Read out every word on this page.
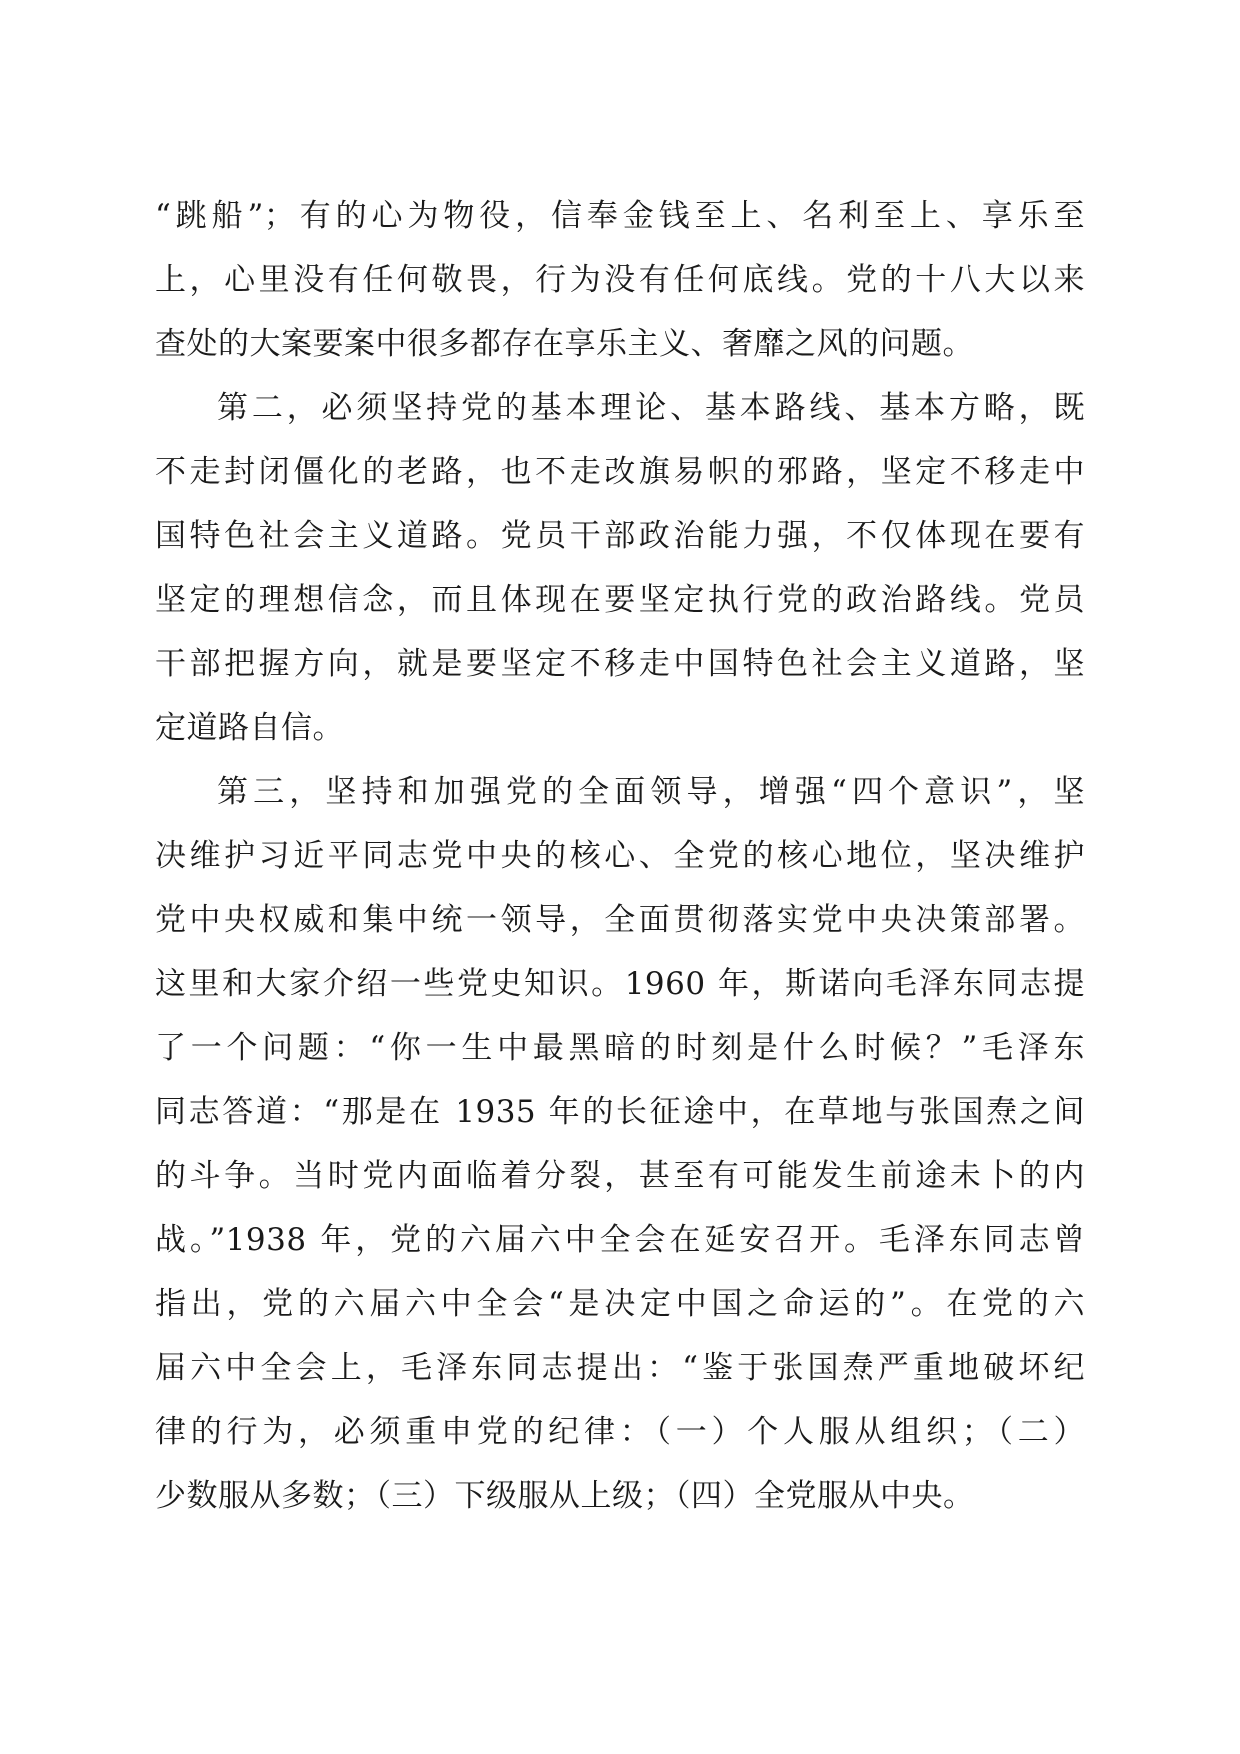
“跳船”；有的心为物役，信奉金钱至上、名利至上、享乐至
上，心里没有任何敬畏，行为没有任何底线。党的十八大以来
查处的大案要案中很多都存在享乐主义、奢靡之风的问题。
第二，必须坚持党的基本理论、基本路线、基本方略，既
不走封闭僵化的老路，也不走改旗易帜的邪路，坚定不移走中
国特色社会主义道路。党员干部政治能力强，不仅体现在要有
坚定的理想信念，而且体现在要坚定执行党的政治路线。党员
干部把握方向，就是要坚定不移走中国特色社会主义道路，坚
定道路自信。
第三，坚持和加强党的全面领导，增强“四个意识”，坚
决维护习近平同志党中央的核心、全党的核心地位，坚决维护
党中央权威和集中统一领导，全面贯彻落实党中央决策部署。
这里和大家介绍一些党史知识。1960 年，斯诺向毛泽东同志提
了一个问题：“你一生中最黑暗的时刻是什么时候？”毛泽东
同志答道：“那是在 1935 年的长征途中，在草地与张国焘之间
的斗争。当时党内面临着分裂，甚至有可能发生前途未卜的内
战。”1938 年，党的六届六中全会在延安召开。毛泽东同志曾
指出，党的六届六中全会“是决定中国之命运的”。在党的六
届六中全会上，毛泽东同志提出：“鉴于张国焘严重地破坏纪
律的行为，必须重申党的纪律：（一）个人服从组织；（二）
少数服从多数；（三）下级服从上级；（四）全党服从中央。
